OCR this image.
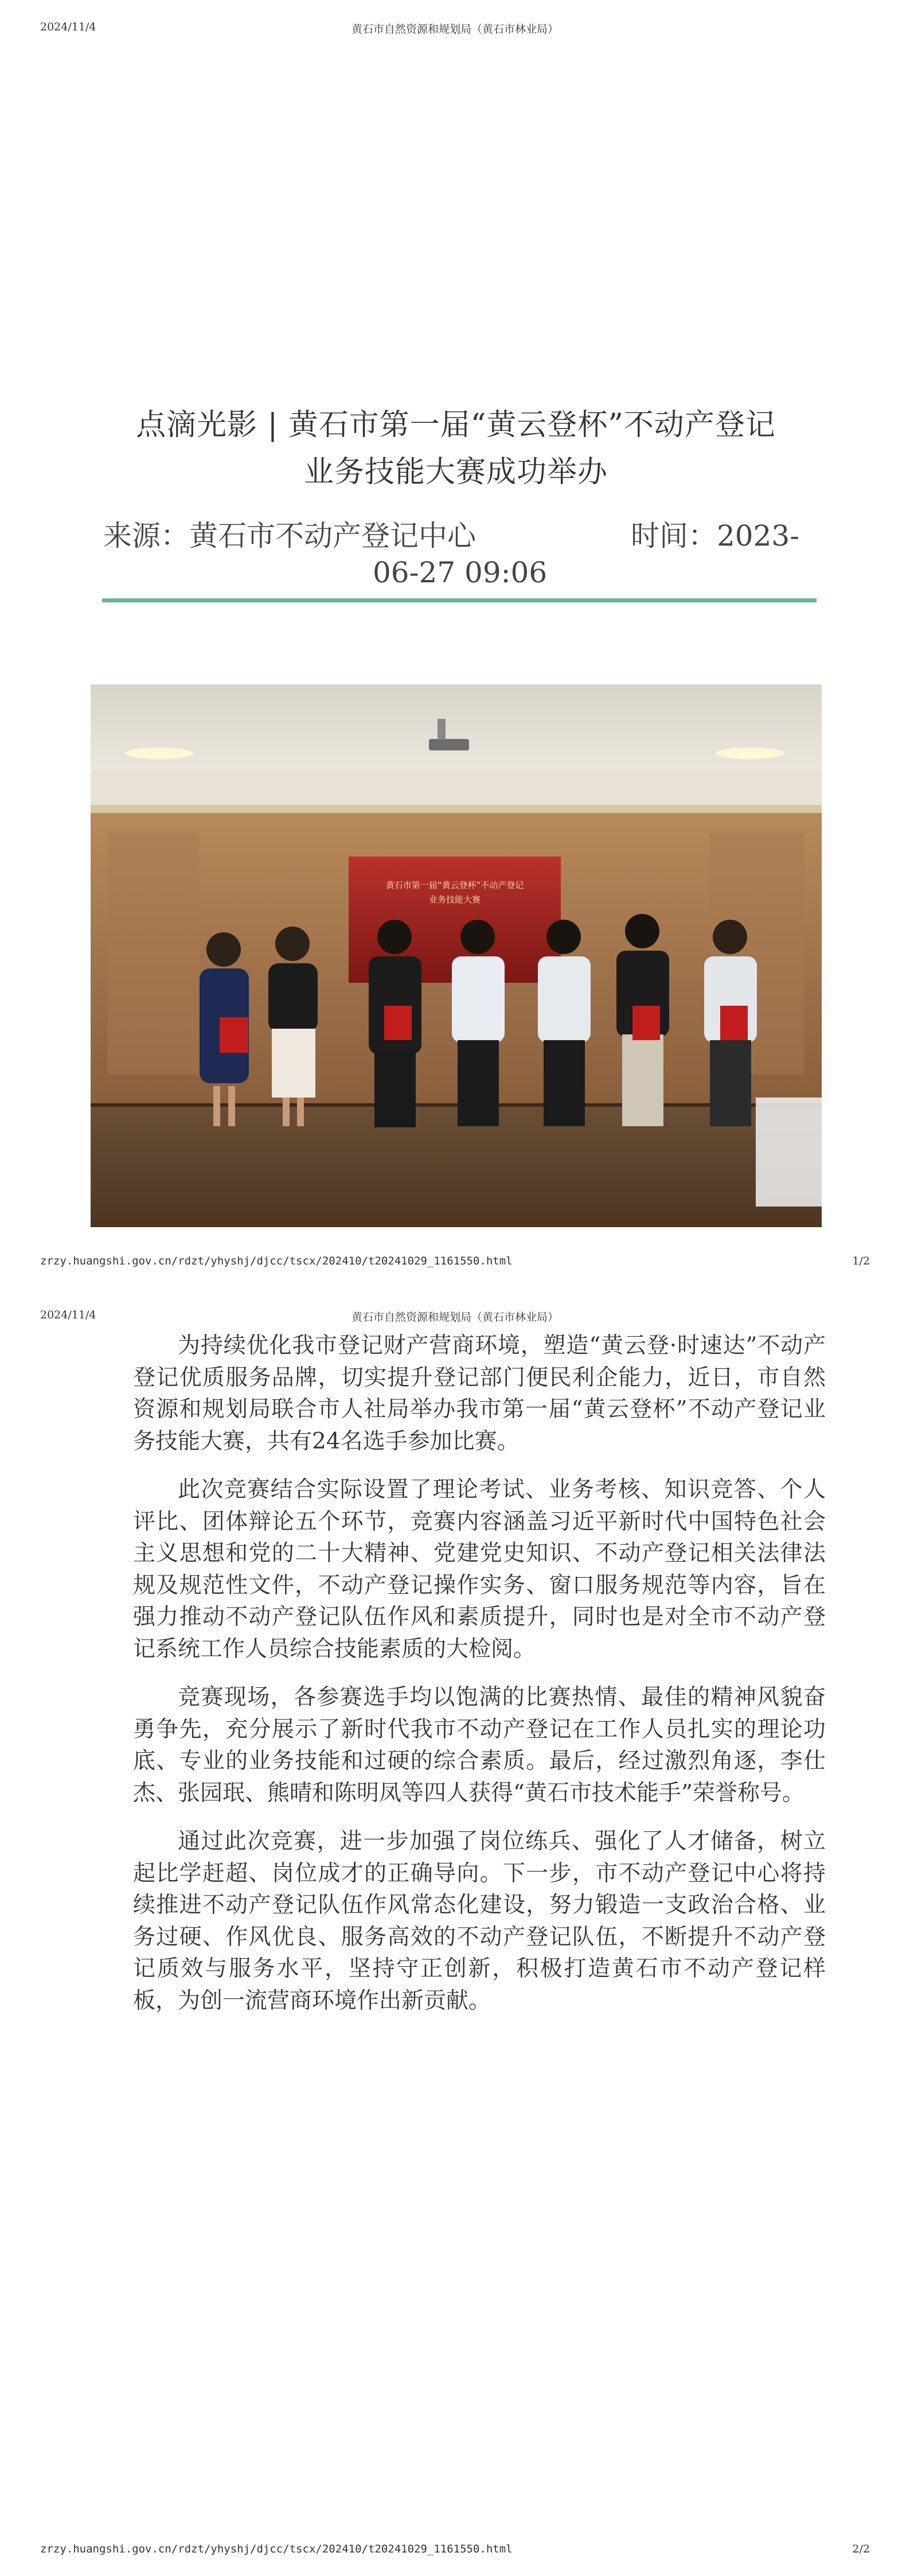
2024/11/4	黄石市自然资源和规划局（黄石市林业局）
点滴光影 | 黄石市第一届“黄云登杯”不动产登记
业务技能大赛成功举办
来源：黄石市不动产登记中心	时间：2023-
06-27 09:06
黄石市第一届“黄云登杯”不动产登记
业务技能大赛
zrzy.huangshi.gov.cn/rdzt/yhyshj/djcc/tscx/202410/t20241029_1161550.html	1/2
2024/11/4	黄石市自然资源和规划局（黄石市林业局）
zrzy.huangshi.gov.cn/rdzt/yhyshj/djcc/tscx/202410/t20241029_1161550.html	2/2

为持续优化我市登记财产营商环境，塑造“黄云登·时速达”不动产登记优质服务品牌，切实提升登记部门便民利企能力，近日，市自然资源和规划局联合市人社局举办我市第一届“黄云登杯”不动产登记业务技能大赛，共有24名选手参加比赛。

此次竞赛结合实际设置了理论考试、业务考核、知识竞答、个人评比、团体辩论五个环节，竞赛内容涵盖习近平新时代中国特色社会主义思想和党的二十大精神、党建党史知识、不动产登记相关法律法规及规范性文件，不动产登记操作实务、窗口服务规范等内容，旨在强力推动不动产登记队伍作风和素质提升，同时也是对全市不动产登记系统工作人员综合技能素质的大检阅。

竞赛现场，各参赛选手均以饱满的比赛热情、最佳的精神风貌奋勇争先，充分展示了新时代我市不动产登记在工作人员扎实的理论功底、专业的业务技能和过硬的综合素质。最后，经过激烈角逐，李仕杰、张园珉、熊晴和陈明凤等四人获得“黄石市技术能手”荣誉称号。

通过此次竞赛，进一步加强了岗位练兵、强化了人才储备，树立起比学赶超、岗位成才的正确导向。下一步，市不动产登记中心将持续推进不动产登记队伍作风常态化建设，努力锻造一支政治合格、业务过硬、作风优良、服务高效的不动产登记队伍，不断提升不动产登记质效与服务水平，坚持守正创新，积极打造黄石市不动产登记样板，为创一流营商环境作出新贡献。
